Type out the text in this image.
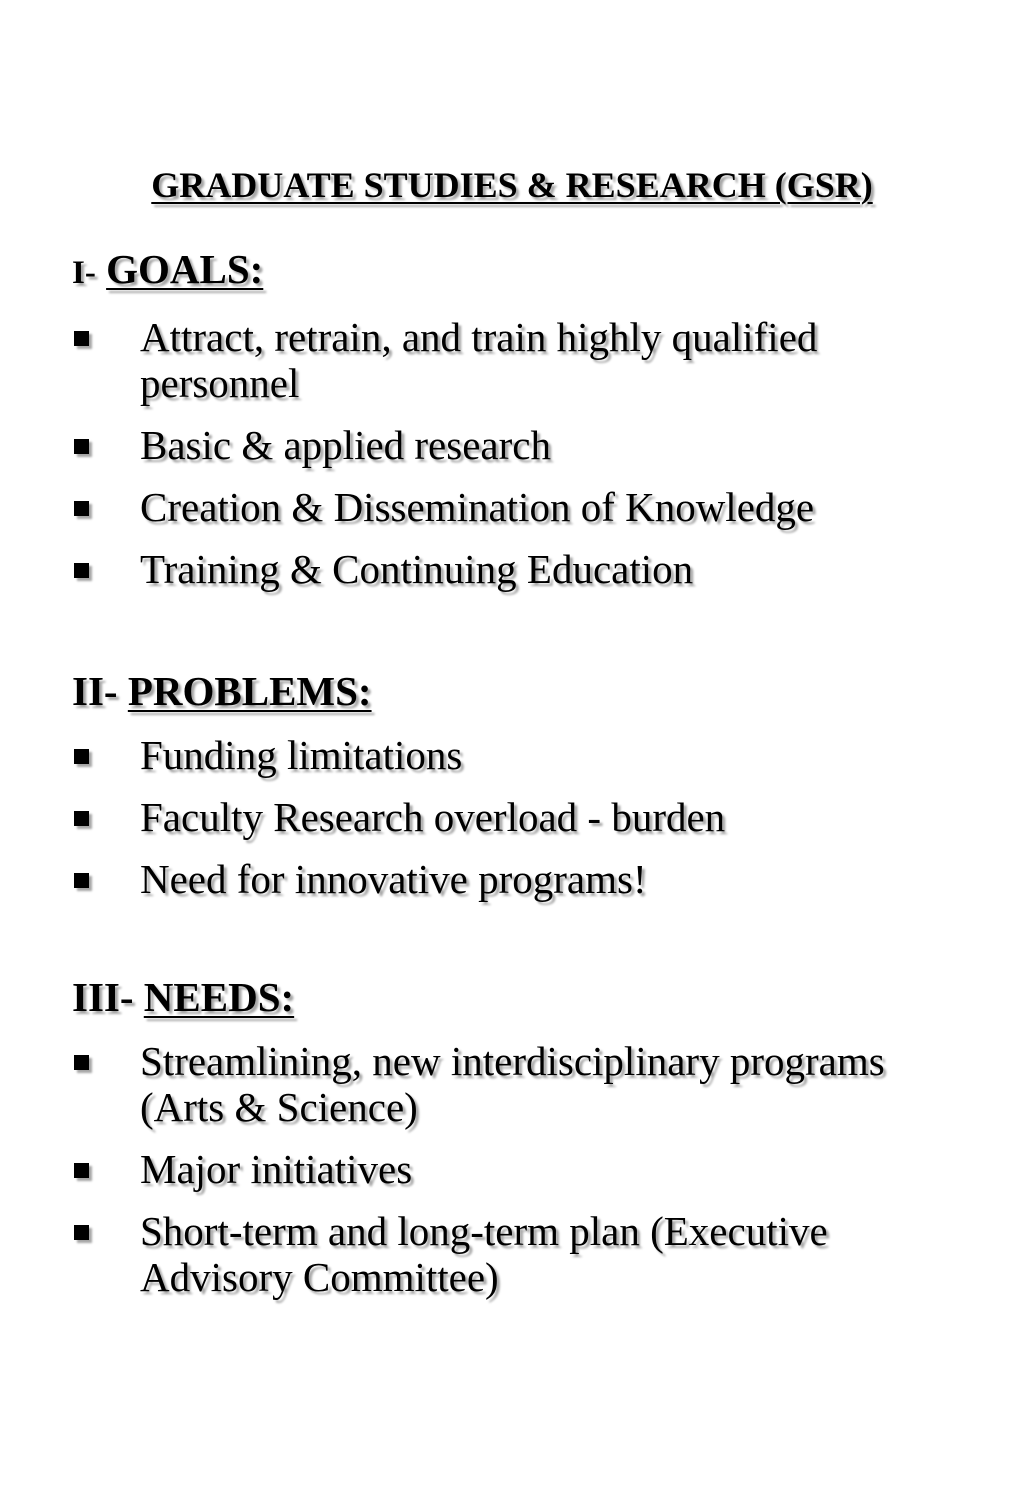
GRADUATE STUDIES & RESEARCH (GSR)
I- GOALS:
Attract, retrain, and train highly qualified personnel
Basic & applied research
Creation & Dissemination of Knowledge
Training & Continuing Education
II- PROBLEMS:
Funding limitations
Faculty Research overload - burden
Need for innovative programs!
III- NEEDS:
Streamlining, new interdisciplinary programs (Arts & Science)
Major initiatives
Short-term and long-term plan (Executive Advisory Committee)
